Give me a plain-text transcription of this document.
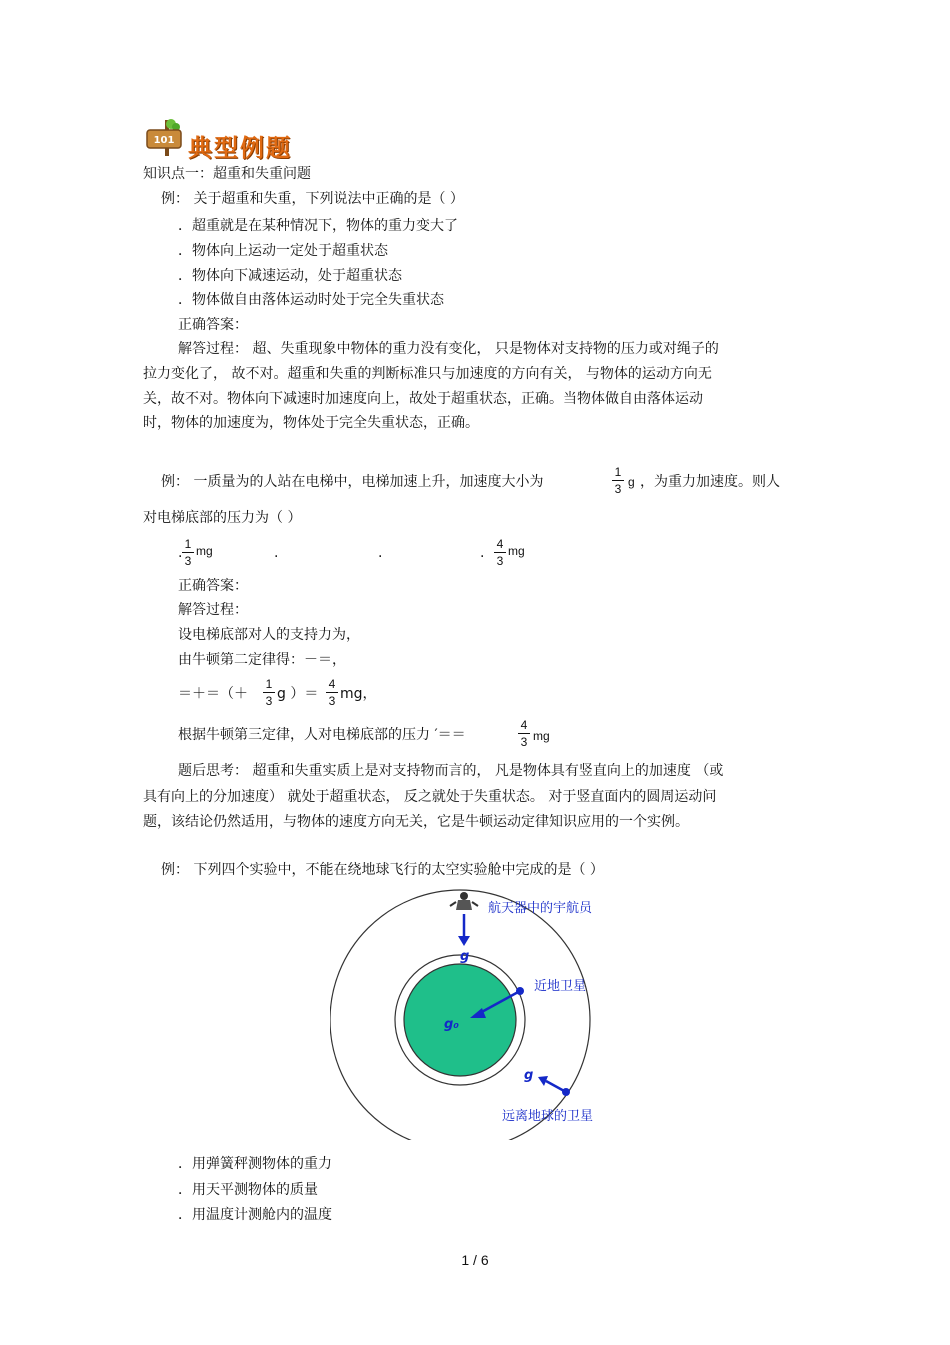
101 典型例题
知识点一：超重和失重问题
例： 关于超重和失重，下列说法中正确的是（ ）
．超重就是在某种情况下，物体的重力变大了
．物体向上运动一定处于超重状态
．物体向下减速运动，处于超重状态
．物体做自由落体运动时处于完全失重状态
正确答案：
解答过程： 超、失重现象中物体的重力没有变化， 只是物体对支持物的压力或对绳子的
拉力变化了， 故不对。超重和失重的判断标准只与加速度的方向有关， 与物体的运动方向无
关，故不对。物体向下减速时加速度向上，故处于超重状态，正确。当物体做自由落体运动
时，物体的加速度为，物体处于完全失重状态，正确。
例： 一质量为的人站在电梯中，电梯加速上升，加速度大小为
1
3 g ，为重力加速度。则人
对电梯底部的压力为（ ）
.
1
3
mg	.	.	.
4
3
mg
正确答案：
解答过程：
设电梯底部对人的支持力为，
由牛顿第二定律得：－＝，
＝＋＝（＋
1
3 g ）＝
4
3 mg，
根据牛顿第三定律，人对电梯底部的压力 ′＝＝
4
3 mg
题后思考： 超重和失重实质上是对支持物而言的， 凡是物体具有竖直向上的加速度 （或
具有向上的分加速度） 就处于超重状态， 反之就处于失重状态。 对于竖直面内的圆周运动问
题，该结论仍然适用，与物体的速度方向无关，它是牛顿运动定律知识应用的一个实例。
例： 下列四个实验中，不能在绕地球飞行的太空实验舱中完成的是（ ）
g
航天器中的宇航员
g₀
近地卫星
g
远离地球的卫星
．用弹簧秤测物体的重力
．用天平测物体的质量
．用温度计测舱内的温度
1 / 6
